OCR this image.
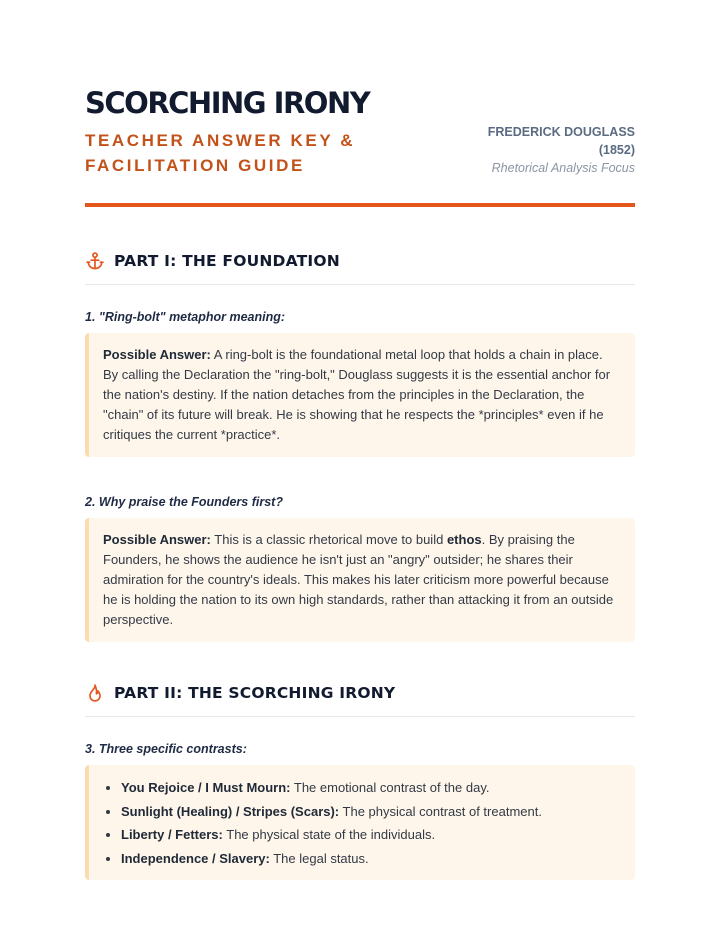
SCORCHING IRONY
TEACHER ANSWER KEY & FACILITATION GUIDE
FREDERICK DOUGLASS
(1852)
Rhetorical Analysis Focus
PART I: THE FOUNDATION

1. "Ring-bolt" metaphor meaning:

Possible Answer: A ring-bolt is the foundational metal loop that holds a chain in place. By calling the Declaration the "ring-bolt," Douglass suggests it is the essential anchor for the nation's destiny. If the nation detaches from the principles in the Declaration, the "chain" of its future will break. He is showing that he respects the *principles* even if he critiques the current *practice*.

2. Why praise the Founders first?

Possible Answer: This is a classic rhetorical move to build ethos. By praising the Founders, he shows the audience he isn't just an "angry" outsider; he shares their admiration for the country's ideals. This makes his later criticism more powerful because he is holding the nation to its own high standards, rather than attacking it from an outside perspective.
PART II: THE SCORCHING IRONY

3. Three specific contrasts:

• You Rejoice / I Must Mourn: The emotional contrast of the day.
• Sunlight (Healing) / Stripes (Scars): The physical contrast of treatment.
• Liberty / Fetters: The physical state of the individuals.
• Independence / Slavery: The legal status.
